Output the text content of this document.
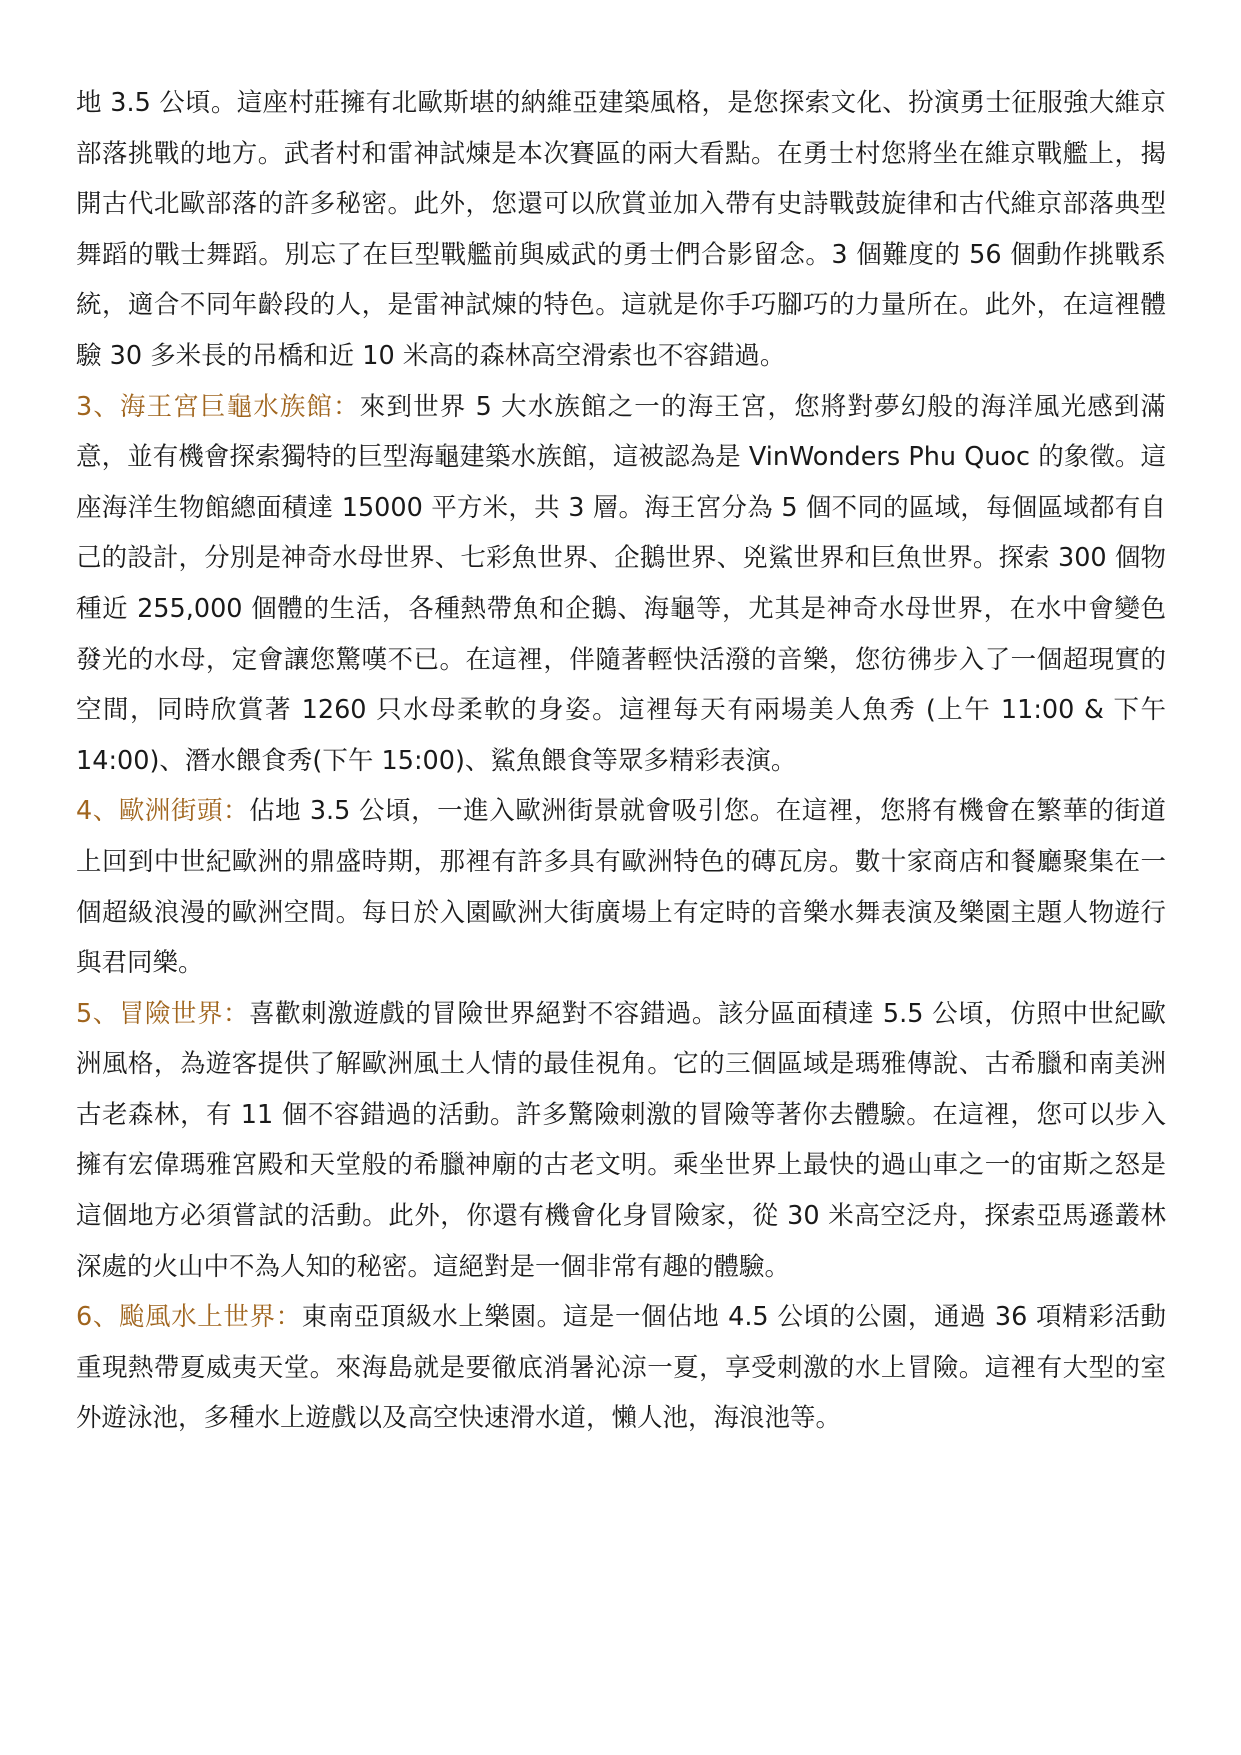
地 3.5 公頃。這座村莊擁有北歐斯堪的納維亞建築風格，是您探索文化、扮演勇士征服強大維京部落挑戰的地方。武者村和雷神試煉是本次賽區的兩大看點。在勇士村您將坐在維京戰艦上，揭開古代北歐部落的許多秘密。此外，您還可以欣賞並加入帶有史詩戰鼓旋律和古代維京部落典型舞蹈的戰士舞蹈。別忘了在巨型戰艦前與威武的勇士們合影留念。3 個難度的 56 個動作挑戰系統，適合不同年齡段的人，是雷神試煉的特色。這就是你手巧腳巧的力量所在。此外，在這裡體驗 30 多米長的吊橋和近 10 米高的森林高空滑索也不容錯過。

3、海王宮巨龜水族館：來到世界 5 大水族館之一的海王宮，您將對夢幻般的海洋風光感到滿意，並有機會探索獨特的巨型海龜建築水族館，這被認為是 VinWonders Phu Quoc 的象徵。這座海洋生物館總面積達 15000 平方米，共 3 層。海王宮分為 5 個不同的區域，每個區域都有自己的設計，分別是神奇水母世界、七彩魚世界、企鵝世界、兇鯊世界和巨魚世界。探索 300 個物種近 255,000 個體的生活，各種熱帶魚和企鵝、海龜等，尤其是神奇水母世界，在水中會變色發光的水母，定會讓您驚嘆不已。在這裡，伴隨著輕快活潑的音樂，您彷彿步入了一個超現實的空間，同時欣賞著 1260 只水母柔軟的身姿。這裡每天有兩場美人魚秀 (上午 11:00 & 下午 14:00)、潛水餵食秀(下午 15:00)、鯊魚餵食等眾多精彩表演。

4、歐洲街頭：佔地 3.5 公頃，一進入歐洲街景就會吸引您。在這裡，您將有機會在繁華的街道上回到中世紀歐洲的鼎盛時期，那裡有許多具有歐洲特色的磚瓦房。數十家商店和餐廳聚集在一個超級浪漫的歐洲空間。每日於入園歐洲大街廣場上有定時的音樂水舞表演及樂園主題人物遊行與君同樂。

5、冒險世界：喜歡刺激遊戲的冒險世界絕對不容錯過。該分區面積達 5.5 公頃，仿照中世紀歐洲風格，為遊客提供了解歐洲風土人情的最佳視角。它的三個區域是瑪雅傳說、古希臘和南美洲古老森林，有 11 個不容錯過的活動。許多驚險刺激的冒險等著你去體驗。在這裡，您可以步入擁有宏偉瑪雅宮殿和天堂般的希臘神廟的古老文明。乘坐世界上最快的過山車之一的宙斯之怒是這個地方必須嘗試的活動。此外，你還有機會化身冒險家，從 30 米高空泛舟，探索亞馬遜叢林深處的火山中不為人知的秘密。這絕對是一個非常有趣的體驗。

6、颱風水上世界：東南亞頂級水上樂園。這是一個佔地 4.5 公頃的公園，通過 36 項精彩活動重現熱帶夏威夷天堂。來海島就是要徹底消暑沁涼一夏，享受刺激的水上冒險。這裡有大型的室外遊泳池，多種水上遊戲以及高空快速滑水道，懶人池，海浪池等。
